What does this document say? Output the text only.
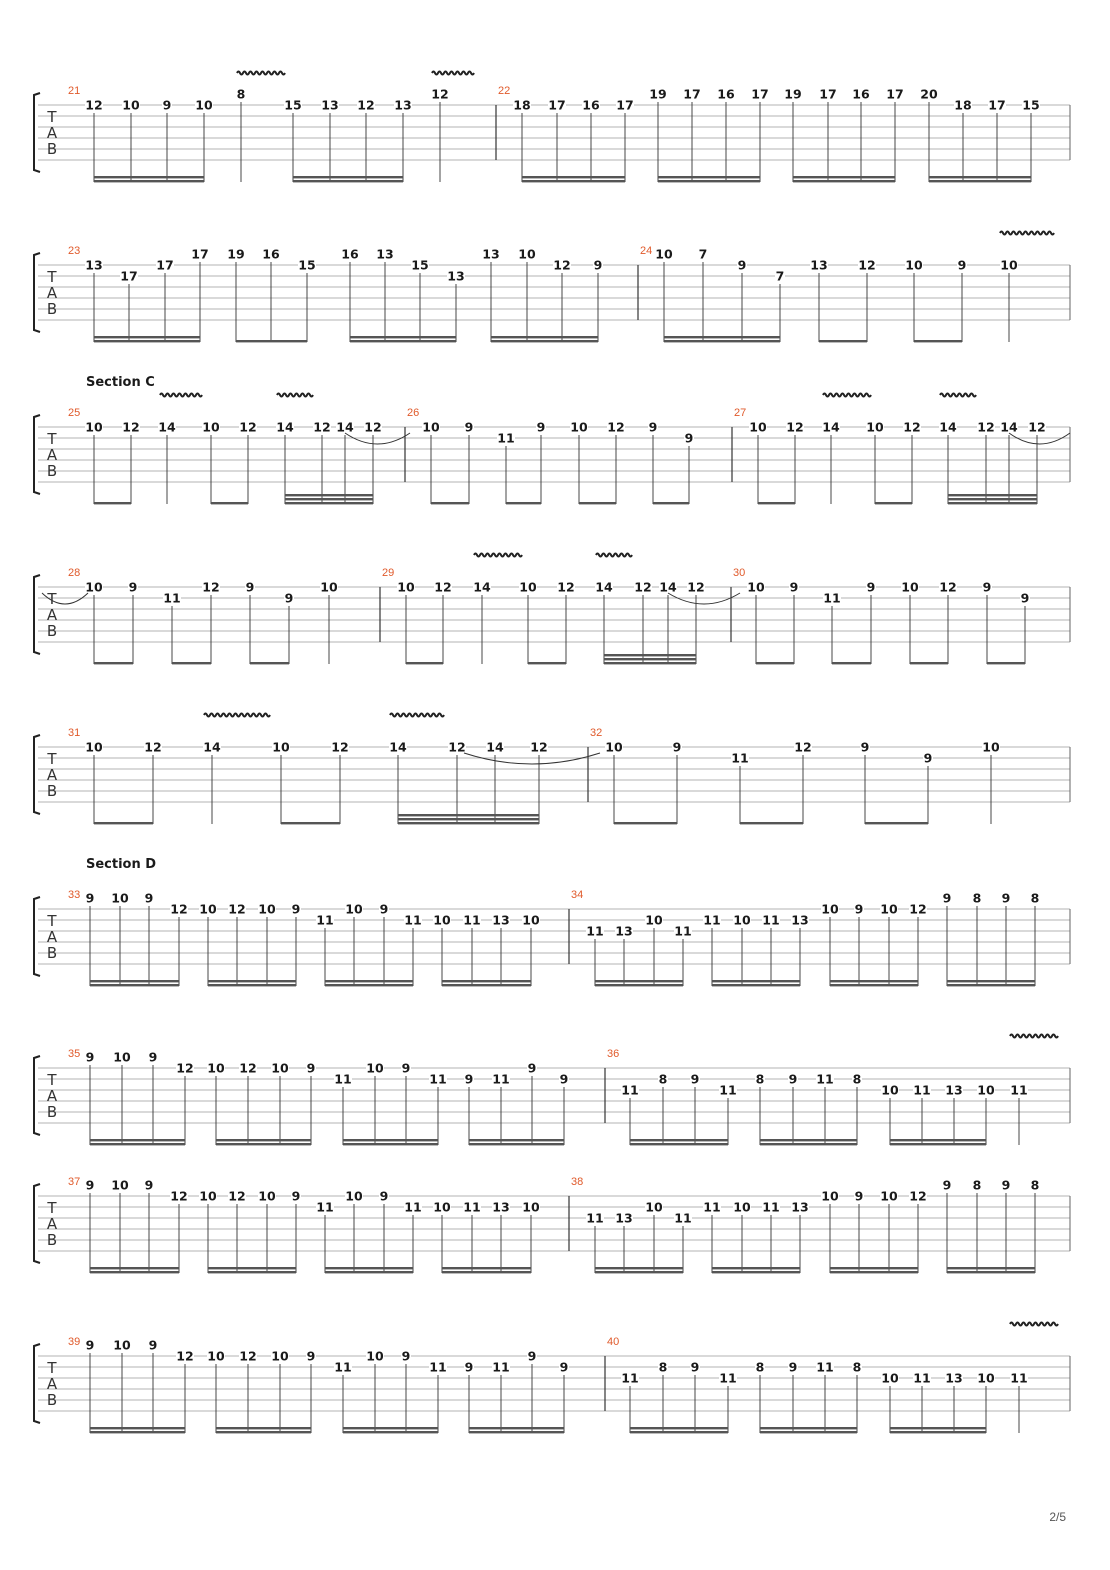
T
A
B
21	22
12 10 9 10
8
15 13 12 13
12
18 17 16 17
19 17 16 17 19 17 16 17 20
18 17 15
T
A
B
23	24
13
17
17
17 19 16
15
16 13
15
13
13 10
12 9
10 7
9
7
13 12 10	9	10
T
A
B
25	26	27
Section C
10 12 14 10 12 14 12 14 12	10 9
11
9 10 12 9
9
10 12 14 10 12 14 12 14 12
T
A
B
28	29	30
10 9
11
12 9
9
10	10 12 14 10 12 14 12 14 12	10 9
11
9 10 12 9
9
T
A
B
31	32
10	12	14	10	12	14	12 14 12	10	9
11
12	9
9
10
T
A
B
33	34
Section D
9 10 9
12 10 12 10 9
11
10 9
11 10 11 13 10
11 13
10
11
11 10 11 13
10 9 10 12
9 8 9 8
T
A
B
35	36
9 10 9
12 10 12 10 9
11
10 9
11 9 11
9
9
11
8 9
11
8 9 11 8
10 11 13 10 11
T
A
B
37	38
9 10 9
12 10 12 10 9
11
10 9
11 10 11 13 10
11 13
10
11
11 10 11 13
10 9 10 12
9 8 9 8
T
A
B
39	40
9 10 9
12 10 12 10 9
11
10 9
11 9 11
9
9
11
8 9
11
8 9 11 8
10 11 13 10 11
2/5
